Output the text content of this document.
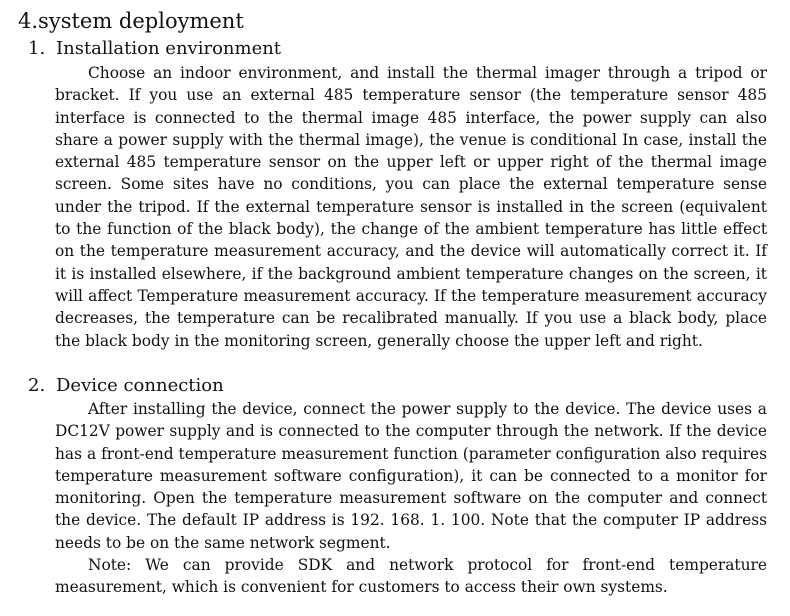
4.system deployment
1. Installation environment

Choose an indoor environment, and install the thermal imager through a tripod or bracket. If you use an external 485 temperature sensor (the temperature sensor 485 interface is connected to the thermal image 485 interface, the power supply can also share a power supply with the thermal image), the venue is conditional In case, install the external 485 temperature sensor on the upper left or upper right of the thermal image screen. Some sites have no conditions, you can place the external temperature sense under the tripod. If the external temperature sensor is installed in the screen (equivalent to the function of the black body), the change of the ambient temperature has little effect on the temperature measurement accuracy, and the device will automatically correct it. If it is installed elsewhere, if the background ambient temperature changes on the screen, it will affect Temperature measurement accuracy. If the temperature measurement accuracy decreases, the temperature can be recalibrated manually. If you use a black body, place the black body in the monitoring screen, generally choose the upper left and right.

2. Device connection

After installing the device, connect the power supply to the device. The device uses a DC12V power supply and is connected to the computer through the network. If the device has a front-end temperature measurement function (parameter configuration also requires temperature measurement software configuration), it can be connected to a monitor for monitoring. Open the temperature measurement software on the computer and connect the device. The default IP address is 192. 168. 1. 100. Note that the computer IP address needs to be on the same network segment.

Note: We can provide SDK and network protocol for front-end temperature measurement, which is convenient for customers to access their own systems.
